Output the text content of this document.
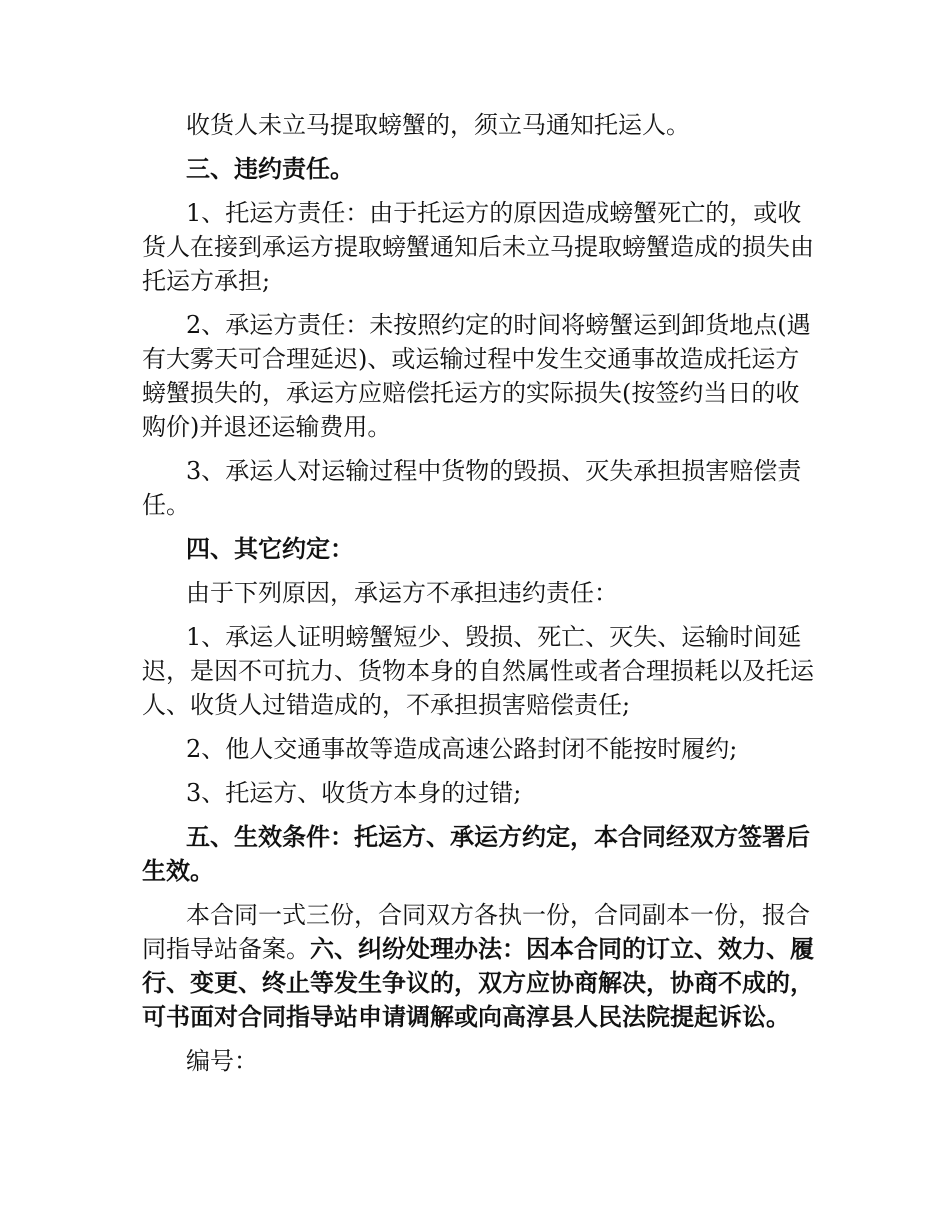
收货人未立马提取螃蟹的，须立马通知托运人。

三、违约责任。

1、托运方责任：由于托运方的原因造成螃蟹死亡的，或收货人在接到承运方提取螃蟹通知后未立马提取螃蟹造成的损失由托运方承担;

2、承运方责任：未按照约定的时间将螃蟹运到卸货地点(遇有大雾天可合理延迟)、或运输过程中发生交通事故造成托运方螃蟹损失的，承运方应赔偿托运方的实际损失(按签约当日的收购价)并退还运输费用。

3、承运人对运输过程中货物的毁损、灭失承担损害赔偿责任。

四、其它约定：

由于下列原因，承运方不承担违约责任：

1、承运人证明螃蟹短少、毁损、死亡、灭失、运输时间延迟，是因不可抗力、货物本身的自然属性或者合理损耗以及托运人、收货人过错造成的，不承担损害赔偿责任;

2、他人交通事故等造成高速公路封闭不能按时履约;

3、托运方、收货方本身的过错;

五、生效条件：托运方、承运方约定，本合同经双方签署后生效。

本合同一式三份，合同双方各执一份，合同副本一份，报合同指导站备案。六、纠纷处理办法：因本合同的订立、效力、履行、变更、终止等发生争议的，双方应协商解决，协商不成的，可书面对合同指导站申请调解或向高淳县人民法院提起诉讼。

编号：
